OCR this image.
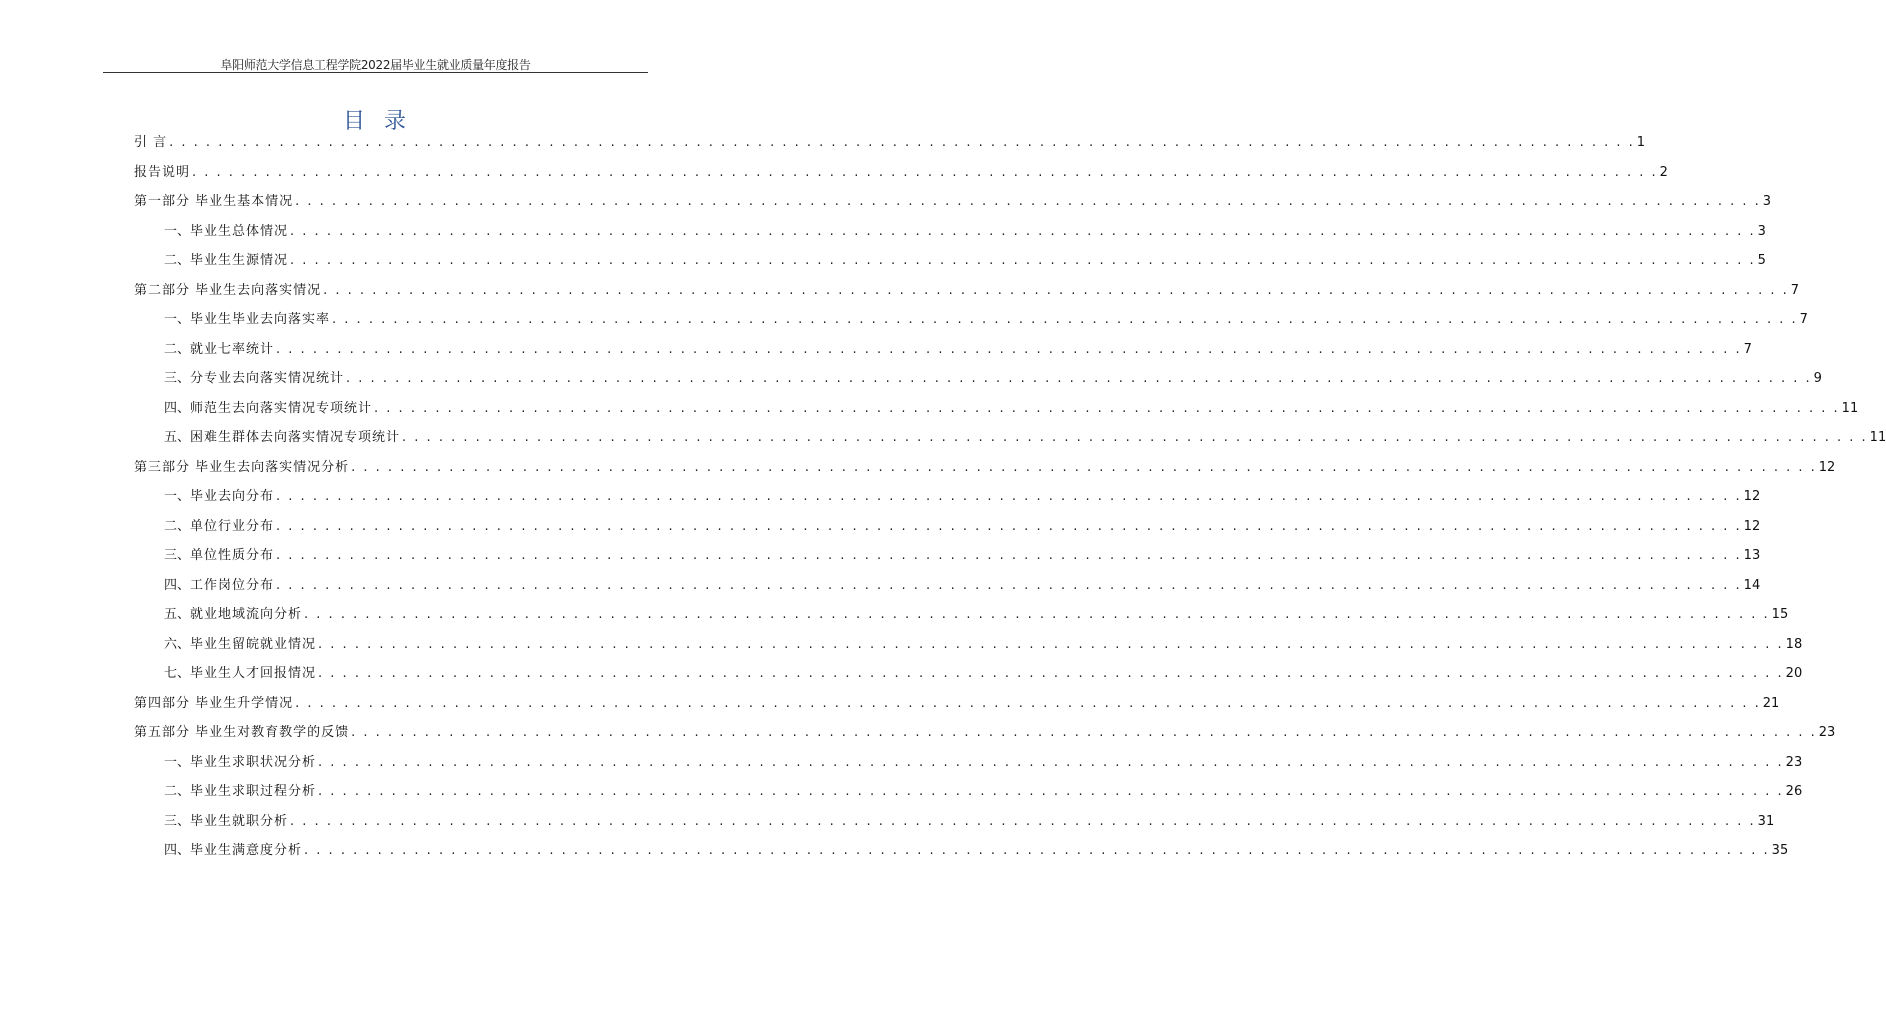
阜阳师范大学信息工程学院2022届毕业生就业质量年度报告
目 录
引 言 . . . . . . . . . . . . . . . . . . . . . . . . . . . . . . . . . . . . . . . . . . . . . . . . . . . . . . . . . . . . . . . . . . . . . . . . . . . . . . . . . . . . . . . . . . . . . . . . . . . . . . . . . . . . . . . . . . . . . . . . 1
报告说明 . . . . . . . . . . . . . . . . . . . . . . . . . . . . . . . . . . . . . . . . . . . . . . . . . . . . . . . . . . . . . . . . . . . . . . . . . . . . . . . . . . . . . . . . . . . . . . . . . . . . . . . . . . . . . . . . . . . . . . . . 2
第一部分 毕业生基本情况 . . . . . . . . . . . . . . . . . . . . . . . . . . . . . . . . . . . . . . . . . . . . . . . . . . . . . . . . . . . . . . . . . . . . . . . . . . . . . . . . . . . . . . . . . . . . . . . . . . . . . . . . . . . . . . . . . . . . . . . . 3
一、 毕业生总体情况 . . . . . . . . . . . . . . . . . . . . . . . . . . . . . . . . . . . . . . . . . . . . . . . . . . . . . . . . . . . . . . . . . . . . . . . . . . . . . . . . . . . . . . . . . . . . . . . . . . . . . . . . . . . . . . . . . . . . . . . . 3
二、 毕业生生源情况 . . . . . . . . . . . . . . . . . . . . . . . . . . . . . . . . . . . . . . . . . . . . . . . . . . . . . . . . . . . . . . . . . . . . . . . . . . . . . . . . . . . . . . . . . . . . . . . . . . . . . . . . . . . . . . . . . . . . . . . . 5
第二部分 毕业生去向落实情况 . . . . . . . . . . . . . . . . . . . . . . . . . . . . . . . . . . . . . . . . . . . . . . . . . . . . . . . . . . . . . . . . . . . . . . . . . . . . . . . . . . . . . . . . . . . . . . . . . . . . . . . . . . . . . . . . . . . . . . . . 7
一、 毕业生毕业去向落实率 . . . . . . . . . . . . . . . . . . . . . . . . . . . . . . . . . . . . . . . . . . . . . . . . . . . . . . . . . . . . . . . . . . . . . . . . . . . . . . . . . . . . . . . . . . . . . . . . . . . . . . . . . . . . . . . . . . . . . . . . 7
二、 就业七率统计 . . . . . . . . . . . . . . . . . . . . . . . . . . . . . . . . . . . . . . . . . . . . . . . . . . . . . . . . . . . . . . . . . . . . . . . . . . . . . . . . . . . . . . . . . . . . . . . . . . . . . . . . . . . . . . . . . . . . . . . . 7
三、 分专业去向落实情况统计 . . . . . . . . . . . . . . . . . . . . . . . . . . . . . . . . . . . . . . . . . . . . . . . . . . . . . . . . . . . . . . . . . . . . . . . . . . . . . . . . . . . . . . . . . . . . . . . . . . . . . . . . . . . . . . . . . . . . . . . . 9
四、 师范生去向落实情况专项统计 . . . . . . . . . . . . . . . . . . . . . . . . . . . . . . . . . . . . . . . . . . . . . . . . . . . . . . . . . . . . . . . . . . . . . . . . . . . . . . . . . . . . . . . . . . . . . . . . . . . . . . . . . . . . . . . . . . . . . . . . 11
五、 困难生群体去向落实情况专项统计 . . . . . . . . . . . . . . . . . . . . . . . . . . . . . . . . . . . . . . . . . . . . . . . . . . . . . . . . . . . . . . . . . . . . . . . . . . . . . . . . . . . . . . . . . . . . . . . . . . . . . . . . . . . . . . . . . . . . . . . . 11
第三部分 毕业生去向落实情况分析 . . . . . . . . . . . . . . . . . . . . . . . . . . . . . . . . . . . . . . . . . . . . . . . . . . . . . . . . . . . . . . . . . . . . . . . . . . . . . . . . . . . . . . . . . . . . . . . . . . . . . . . . . . . . . . . . . . . . . . . . 12
一、 毕业去向分布 . . . . . . . . . . . . . . . . . . . . . . . . . . . . . . . . . . . . . . . . . . . . . . . . . . . . . . . . . . . . . . . . . . . . . . . . . . . . . . . . . . . . . . . . . . . . . . . . . . . . . . . . . . . . . . . . . . . . . . . . 12
二、 单位行业分布 . . . . . . . . . . . . . . . . . . . . . . . . . . . . . . . . . . . . . . . . . . . . . . . . . . . . . . . . . . . . . . . . . . . . . . . . . . . . . . . . . . . . . . . . . . . . . . . . . . . . . . . . . . . . . . . . . . . . . . . . 12
三、 单位性质分布 . . . . . . . . . . . . . . . . . . . . . . . . . . . . . . . . . . . . . . . . . . . . . . . . . . . . . . . . . . . . . . . . . . . . . . . . . . . . . . . . . . . . . . . . . . . . . . . . . . . . . . . . . . . . . . . . . . . . . . . . 13
四、 工作岗位分布 . . . . . . . . . . . . . . . . . . . . . . . . . . . . . . . . . . . . . . . . . . . . . . . . . . . . . . . . . . . . . . . . . . . . . . . . . . . . . . . . . . . . . . . . . . . . . . . . . . . . . . . . . . . . . . . . . . . . . . . . 14
五、 就业地域流向分析 . . . . . . . . . . . . . . . . . . . . . . . . . . . . . . . . . . . . . . . . . . . . . . . . . . . . . . . . . . . . . . . . . . . . . . . . . . . . . . . . . . . . . . . . . . . . . . . . . . . . . . . . . . . . . . . . . . . . . . . . 15
六、 毕业生留皖就业情况 . . . . . . . . . . . . . . . . . . . . . . . . . . . . . . . . . . . . . . . . . . . . . . . . . . . . . . . . . . . . . . . . . . . . . . . . . . . . . . . . . . . . . . . . . . . . . . . . . . . . . . . . . . . . . . . . . . . . . . . . 18
七、 毕业生人才回报情况 . . . . . . . . . . . . . . . . . . . . . . . . . . . . . . . . . . . . . . . . . . . . . . . . . . . . . . . . . . . . . . . . . . . . . . . . . . . . . . . . . . . . . . . . . . . . . . . . . . . . . . . . . . . . . . . . . . . . . . . . 20
第四部分 毕业生升学情况 . . . . . . . . . . . . . . . . . . . . . . . . . . . . . . . . . . . . . . . . . . . . . . . . . . . . . . . . . . . . . . . . . . . . . . . . . . . . . . . . . . . . . . . . . . . . . . . . . . . . . . . . . . . . . . . . . . . . . . . . 21
第五部分 毕业生对教育教学的反馈 . . . . . . . . . . . . . . . . . . . . . . . . . . . . . . . . . . . . . . . . . . . . . . . . . . . . . . . . . . . . . . . . . . . . . . . . . . . . . . . . . . . . . . . . . . . . . . . . . . . . . . . . . . . . . . . . . . . . . . . . 23
一、 毕业生求职状况分析 . . . . . . . . . . . . . . . . . . . . . . . . . . . . . . . . . . . . . . . . . . . . . . . . . . . . . . . . . . . . . . . . . . . . . . . . . . . . . . . . . . . . . . . . . . . . . . . . . . . . . . . . . . . . . . . . . . . . . . . . 23
二、 毕业生求职过程分析 . . . . . . . . . . . . . . . . . . . . . . . . . . . . . . . . . . . . . . . . . . . . . . . . . . . . . . . . . . . . . . . . . . . . . . . . . . . . . . . . . . . . . . . . . . . . . . . . . . . . . . . . . . . . . . . . . . . . . . . . 26
三、 毕业生就职分析 . . . . . . . . . . . . . . . . . . . . . . . . . . . . . . . . . . . . . . . . . . . . . . . . . . . . . . . . . . . . . . . . . . . . . . . . . . . . . . . . . . . . . . . . . . . . . . . . . . . . . . . . . . . . . . . . . . . . . . . . 31
四、 毕业生满意度分析 . . . . . . . . . . . . . . . . . . . . . . . . . . . . . . . . . . . . . . . . . . . . . . . . . . . . . . . . . . . . . . . . . . . . . . . . . . . . . . . . . . . . . . . . . . . . . . . . . . . . . . . . . . . . . . . . . . . . . . . . 35
